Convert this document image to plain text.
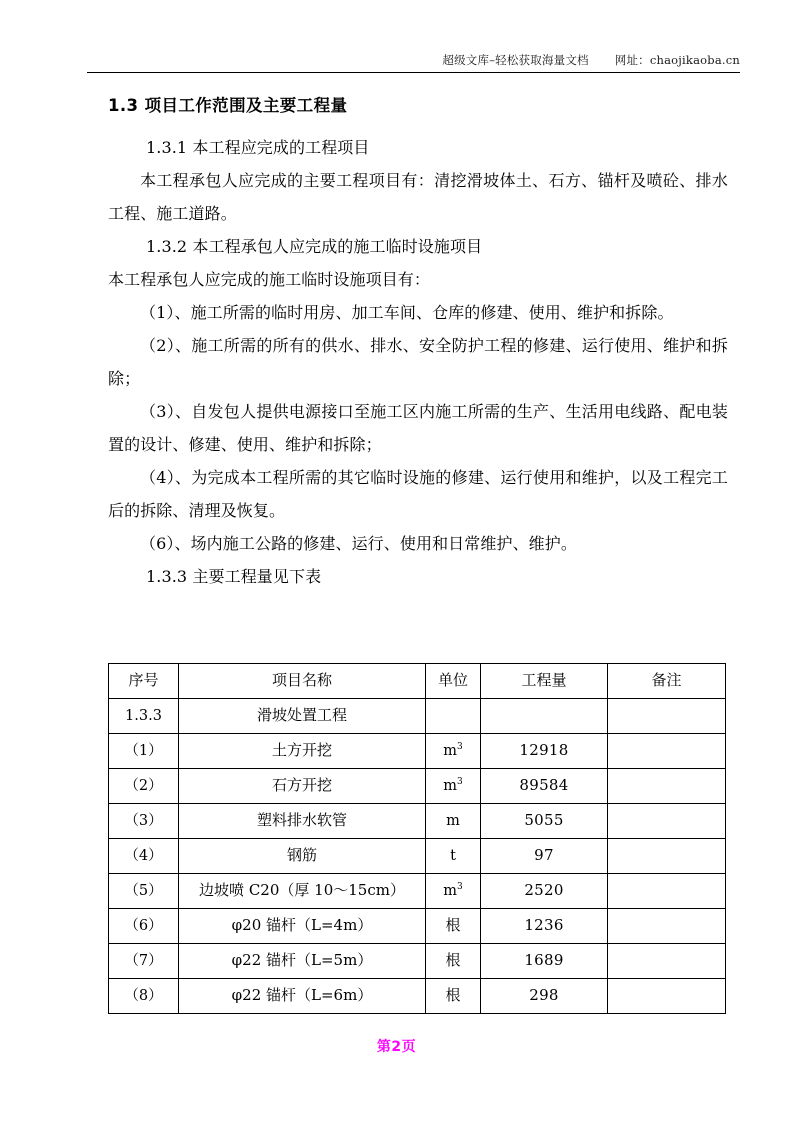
超级文库–轻松获取海量文档 网址： chaojikaoba.cn
1.3 项目工作范围及主要工程量

1.3.1 本工程应完成的工程项目

本工程承包人应完成的主要工程项目有：清挖滑坡体土、石方、锚杆及喷砼、排水工程、施工道路。

1.3.2 本工程承包人应完成的施工临时设施项目

本工程承包人应完成的施工临时设施项目有：

（1）、施工所需的临时用房、加工车间、仓库的修建、使用、维护和拆除。

（2）、施工所需的所有的供水、排水、安全防护工程的修建、运行使用、维护和拆除；

（3）、自发包人提供电源接口至施工区内施工所需的生产、生活用电线路、配电装置的设计、修建、使用、维护和拆除；

（4）、为完成本工程所需的其它临时设施的修建、运行使用和维护，以及工程完工后的拆除、清理及恢复。

（6）、场内施工公路的修建、运行、使用和日常维护、维护。

1.3.3 主要工程量见下表

序号	项目名称	单位	工程量	备注
1.3.3	滑坡处置工程			
（1）	土方开挖	$m^3$	12918	
（2）	石方开挖	$m^3$	89584	
（3）	塑料排水软管	m	5055	
（4）	钢筋	t	97	
（5）	边坡喷 C20（厚 10～15cm）	$m^3$	2520	
（6）	φ20 锚杆（L=4m）	根	1236	
（7）	φ22 锚杆（L=5m）	根	1689	
（8）	φ22 锚杆（L=6m）	根	298	
第2页
